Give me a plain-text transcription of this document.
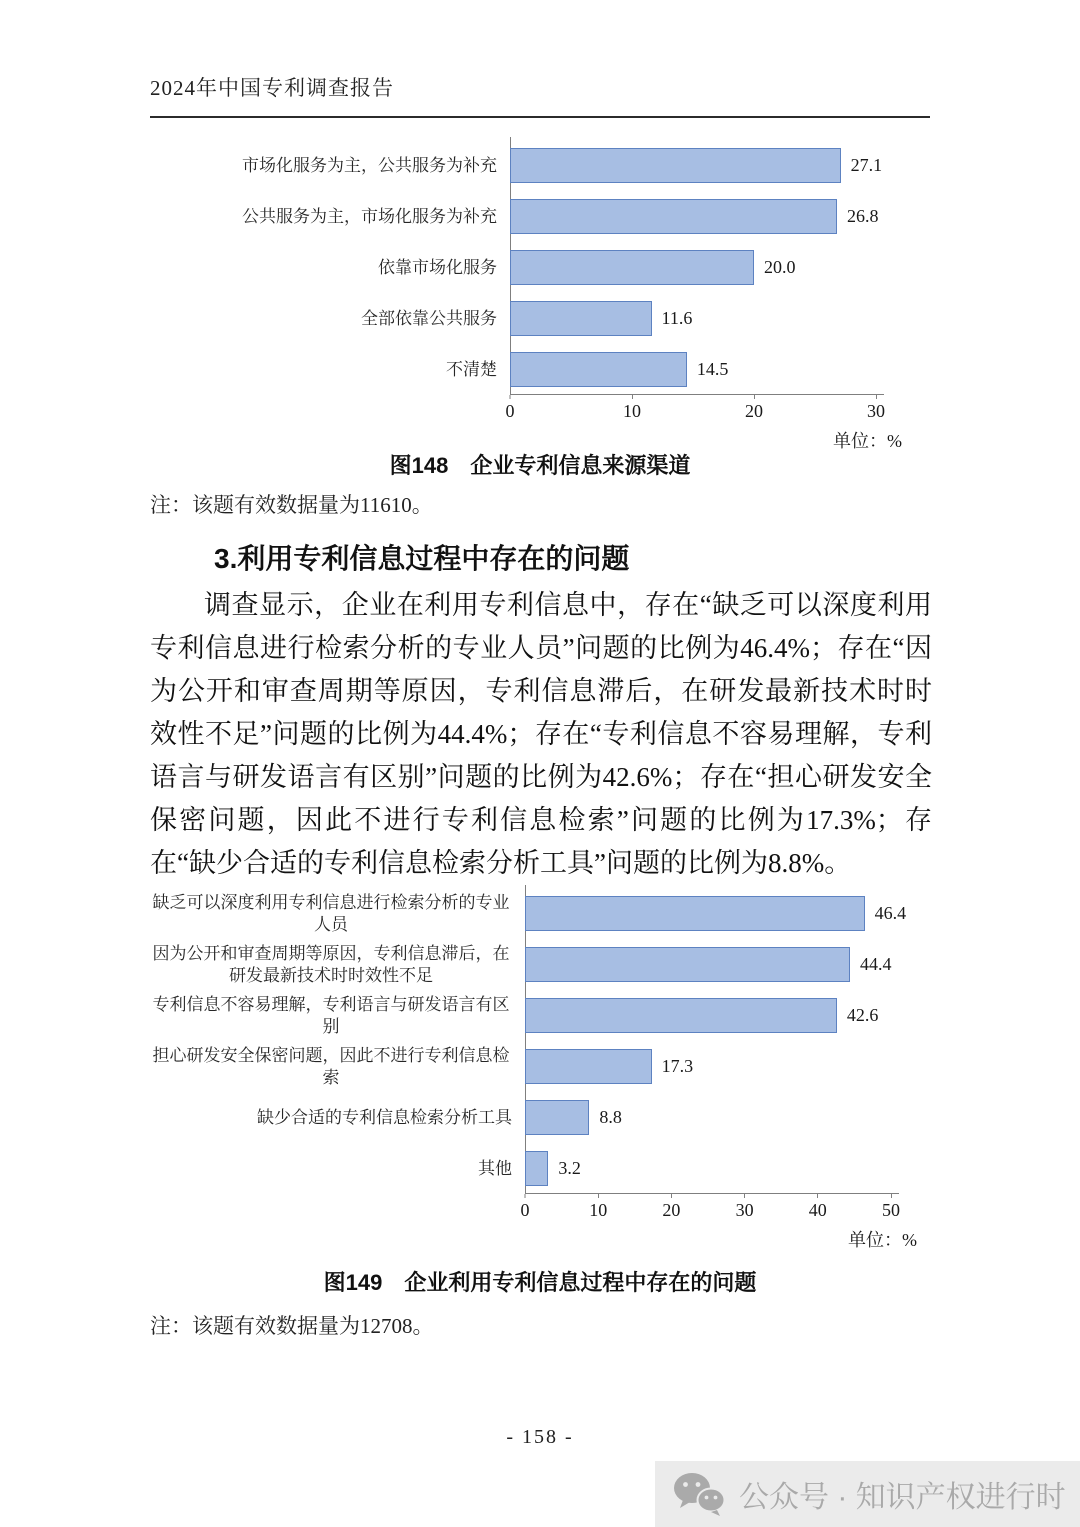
2024年中国专利调查报告
市场化服务为主，公共服务为补充	27.1
公共服务为主，市场化服务为补充	26.8
依靠市场化服务	20.0
全部依靠公共服务	11.6
不清楚	14.5
0	10	20	30
单位：%
图148　企业专利信息来源渠道
注：该题有效数据量为11610。
3.利用专利信息过程中存在的问题

调查显示，企业在利用专利信息中，存在“缺乏可以深度利用专利信息进行检索分析的专业人员”问题的比例为46.4%；存在“因为公开和审查周期等原因，专利信息滞后，在研发最新技术时时效性不足”问题的比例为44.4%；存在“专利信息不容易理解，专利语言与研发语言有区别”问题的比例为42.6%；存在“担心研发安全保密问题，因此不进行专利信息检索”问题的比例为17.3%；存在“缺少合适的专利信息检索分析工具”问题的比例为8.8%。

缺乏可以深度利用专利信息进行检索分析的专业人员
46.4
因为公开和审查周期等原因，专利信息滞后，在研发最新技术时时效性不足
44.4
专利信息不容易理解，专利语言与研发语言有区别
42.6
担心研发安全保密问题，因此不进行专利信息检索
17.3
缺少合适的专利信息检索分析工具	8.8
其他	3.2
0	10	20	30	40	50
单位：%
图149　企业利用专利信息过程中存在的问题
注：该题有效数据量为12708。
- 158 -
公众号 · 知识产权进行时
